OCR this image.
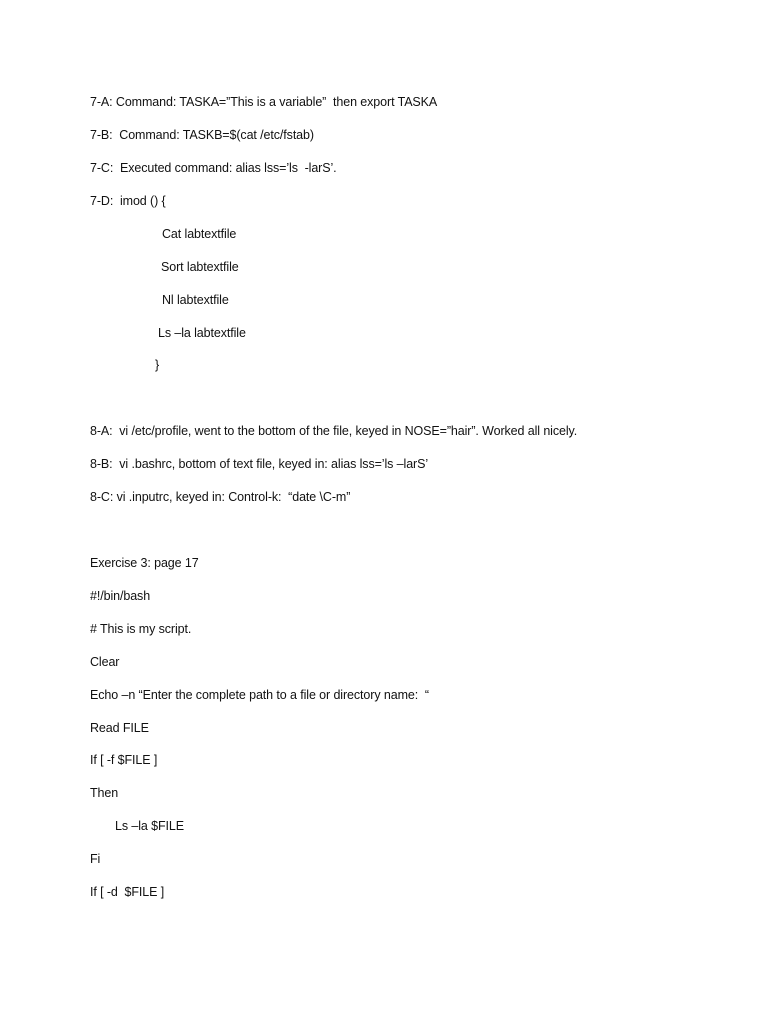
7-A: Command: TASKA=”This is a variable”  then export TASKA
7-B:  Command: TASKB=$(cat /etc/fstab)
7-C:  Executed command: alias lss=’ls  -larS’.
7-D:  imod () {
Cat labtextfile
Sort labtextfile
Nl labtextfile
Ls –la labtextfile
}
8-A:  vi /etc/profile, went to the bottom of the file, keyed in NOSE=”hair”. Worked all nicely.
8-B:  vi .bashrc, bottom of text file, keyed in: alias lss=’ls –larS’
8-C: vi .inputrc, keyed in: Control-k:  “date \C-m”
Exercise 3: page 17
#!/bin/bash
# This is my script.
Clear
Echo –n “Enter the complete path to a file or directory name:  “
Read FILE
If [ -f $FILE ]
Then
Ls –la $FILE
Fi
If [ -d  $FILE ]
